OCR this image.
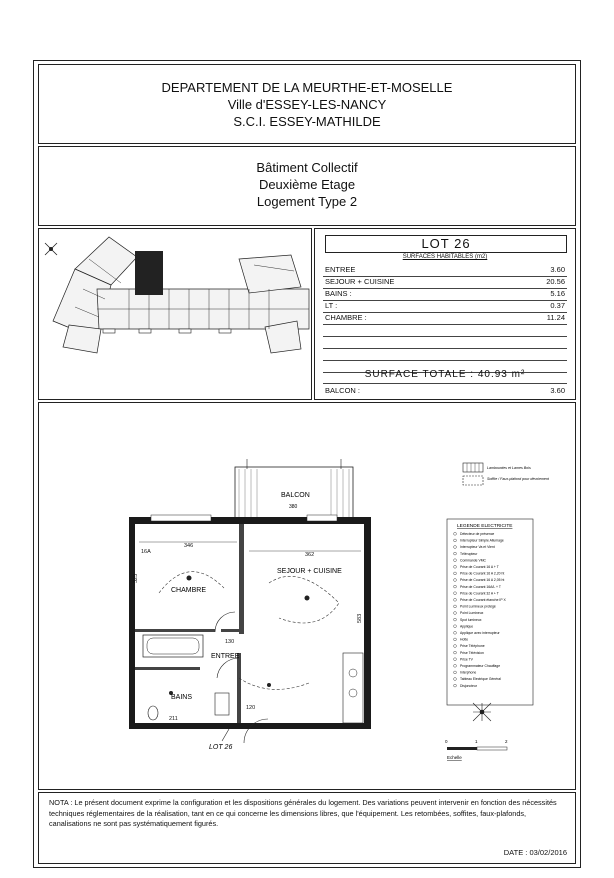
DEPARTEMENT DE LA MEURTHE-ET-MOSELLE
Ville d'ESSEY-LES-NANCY
S.C.I. ESSEY-MATHILDE
Bâtiment Collectif
Deuxième Etage
Logement Type 2
LOT 26
SURFACES HABITABLES (m2)
ENTREE	3.60
SEJOUR + CUISINE	20.56
BAINS :	5.16
LT :	0.37
CHAMBRE :	11.24
SURFACE TOTALE : 40.93 m²
BALCON :	3.60
BALCON
380
SEJOUR + CUISINE
CHAMBRE
ENTREE
BAINS
346
362
130
211
120
325
583
16A
LOT 26
Lambourdes et Lames Bois
Soffite / Faux-plafond pour dévoiement
LEGENDE ELECTRICITE
Détecteur de présence
Interrupteur Simple Allumage
Interrupteur Va et Vient
Télérupteur
Commande VMC
Prise de Courant 16 A + T
Prise de Courant 16 A 2,20 ht
Prise de Courant 16 A 2,05 ht
Prise de Courant 16A/L + T
Prise de Courant 32 A + T
Prise de Courant étanche IP X
Point Lumineux protégé
Point Lumineux
Spot lumineux
Applique
Applique avec interrupteur
Hotte
Prise Téléphone
Prise Télévision
Prise TV
Programmateur Chauffage
Interphone
Tableau Electrique Général
Disjoncteur
0	1	2
Echelle
NOTA : Le présent document exprime la configuration et les dispositions générales du logement. Des variations peuvent intervenir en fonction des nécessités techniques réglementaires de la réalisation, tant en ce qui concerne les dimensions libres, que l'équipement. Les retombées, soffites, faux-plafonds, canalisations ne sont pas systématiquement figurés.
DATE : 03/02/2016
